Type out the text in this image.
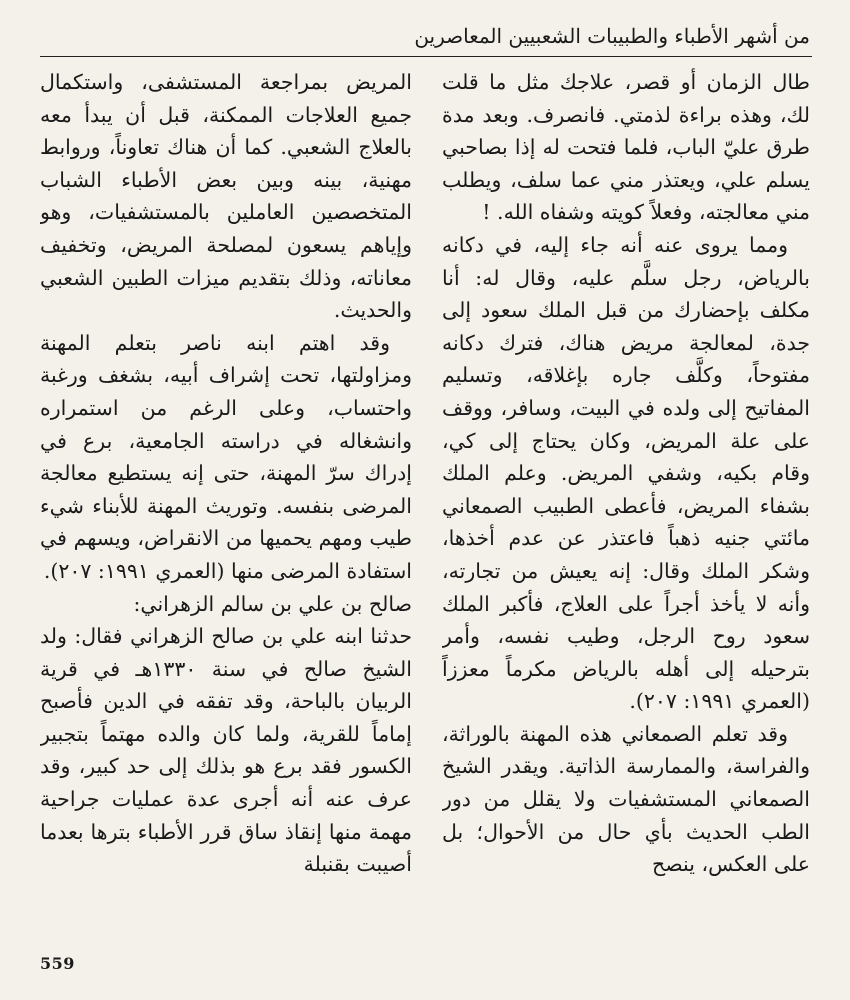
من أشهر الأطباء والطبيبات الشعبيين المعاصرين

طال الزمان أو قصر، علاجك مثل ما قلت لك، وهذه براءة لذمتي. فانصرف. وبعد مدة طرق عليّ الباب، فلما فتحت له إذا بصاحبي يسلم علي، ويعتذر مني عما سلف، ويطلب مني معالجته، وفعلاً كويته وشفاه الله. !

ومما يروى عنه أنه جاء إليه، في دكانه بالرياض، رجل سلَّم عليه، وقال له: أنا مكلف بإحضارك من قبل الملك سعود إلى جدة، لمعالجة مريض هناك، فترك دكانه مفتوحاً، وكلَّف جاره بإغلاقه، وتسليم المفاتيح إلى ولده في البيت، وسافر، ووقف على علة المريض، وكان يحتاج إلى كي، وقام بكيه، وشفي المريض. وعلم الملك بشفاء المريض، فأعطى الطبيب الصمعاني مائتي جنيه ذهباً فاعتذر عن عدم أخذها، وشكر الملك وقال: إنه يعيش من تجارته، وأنه لا يأخذ أجراً على العلاج، فأكبر الملك سعود روح الرجل، وطيب نفسه، وأمر بترحيله إلى أهله بالرياض مكرماً معززاً (العمري ١٩٩١: ٢٠٧).

وقد تعلم الصمعاني هذه المهنة بالوراثة، والفراسة، والممارسة الذاتية. ويقدر الشيخ الصمعاني المستشفيات ولا يقلل من دور الطب الحديث بأي حال من الأحوال؛ بل على العكس، ينصح

المريض بمراجعة المستشفى، واستكمال جميع العلاجات الممكنة، قبل أن يبدأ معه بالعلاج الشعبي. كما أن هناك تعاوناً، وروابط مهنية، بينه وبين بعض الأطباء الشباب المتخصصين العاملين بالمستشفيات، وهو وإياهم يسعون لمصلحة المريض، وتخفيف معاناته، وذلك بتقديم ميزات الطبين الشعبي والحديث.

وقد اهتم ابنه ناصر بتعلم المهنة ومزاولتها، تحت إشراف أبيه، بشغف ورغبة واحتساب، وعلى الرغم من استمراره وانشغاله في دراسته الجامعية، برع في إدراك سرّ المهنة، حتى إنه يستطيع معالجة المرضى بنفسه. وتوريث المهنة للأبناء شيء طيب ومهم يحميها من الانقراض، ويسهم في استفادة المرضى منها (العمري ١٩٩١: ٢٠٧).

صالح بن علي بن سالم الزهراني:

حدثنا ابنه علي بن صالح الزهراني فقال: ولد الشيخ صالح في سنة ١٣٣٠هـ في قرية الربيان بالباحة، وقد تفقه في الدين فأصبح إماماً للقرية، ولما كان والده مهتماً بتجبير الكسور فقد برع هو بذلك إلى حد كبير، وقد عرف عنه أنه أجرى عدة عمليات جراحية مهمة منها إنقاذ ساق قرر الأطباء بترها بعدما أصيبت بقنبلة

559
